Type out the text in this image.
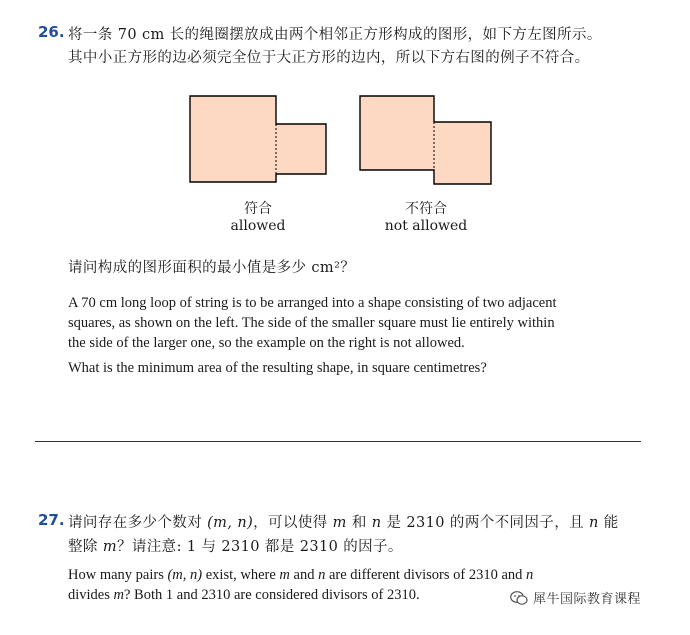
26. 将一条 70 cm 长的绳圈摆放成由两个相邻正方形构成的图形，如下方左图所示。
其中小正方形的边必须完全位于大正方形的边内，所以下方右图的例子不符合。
符合
allowed
不符合
not allowed
请问构成的图形面积的最小值是多少 cm²？
A 70 cm long loop of string is to be arranged into a shape consisting of two adjacent
squares, as shown on the left. The side of the smaller square must lie entirely within
the side of the larger one, so the example on the right is not allowed.
What is the minimum area of the resulting shape, in square centimetres?
27. 请问存在多少个数对 (m, n)，可以使得 m 和 n 是 2310 的两个不同因子，且 n 能
整除 m？请注意: 1 与 2310 都是 2310 的因子。
How many pairs (m, n) exist, where m and n are different divisors of 2310 and n
divides m? Both 1 and 2310 are considered divisors of 2310.	犀牛国际教育课程
